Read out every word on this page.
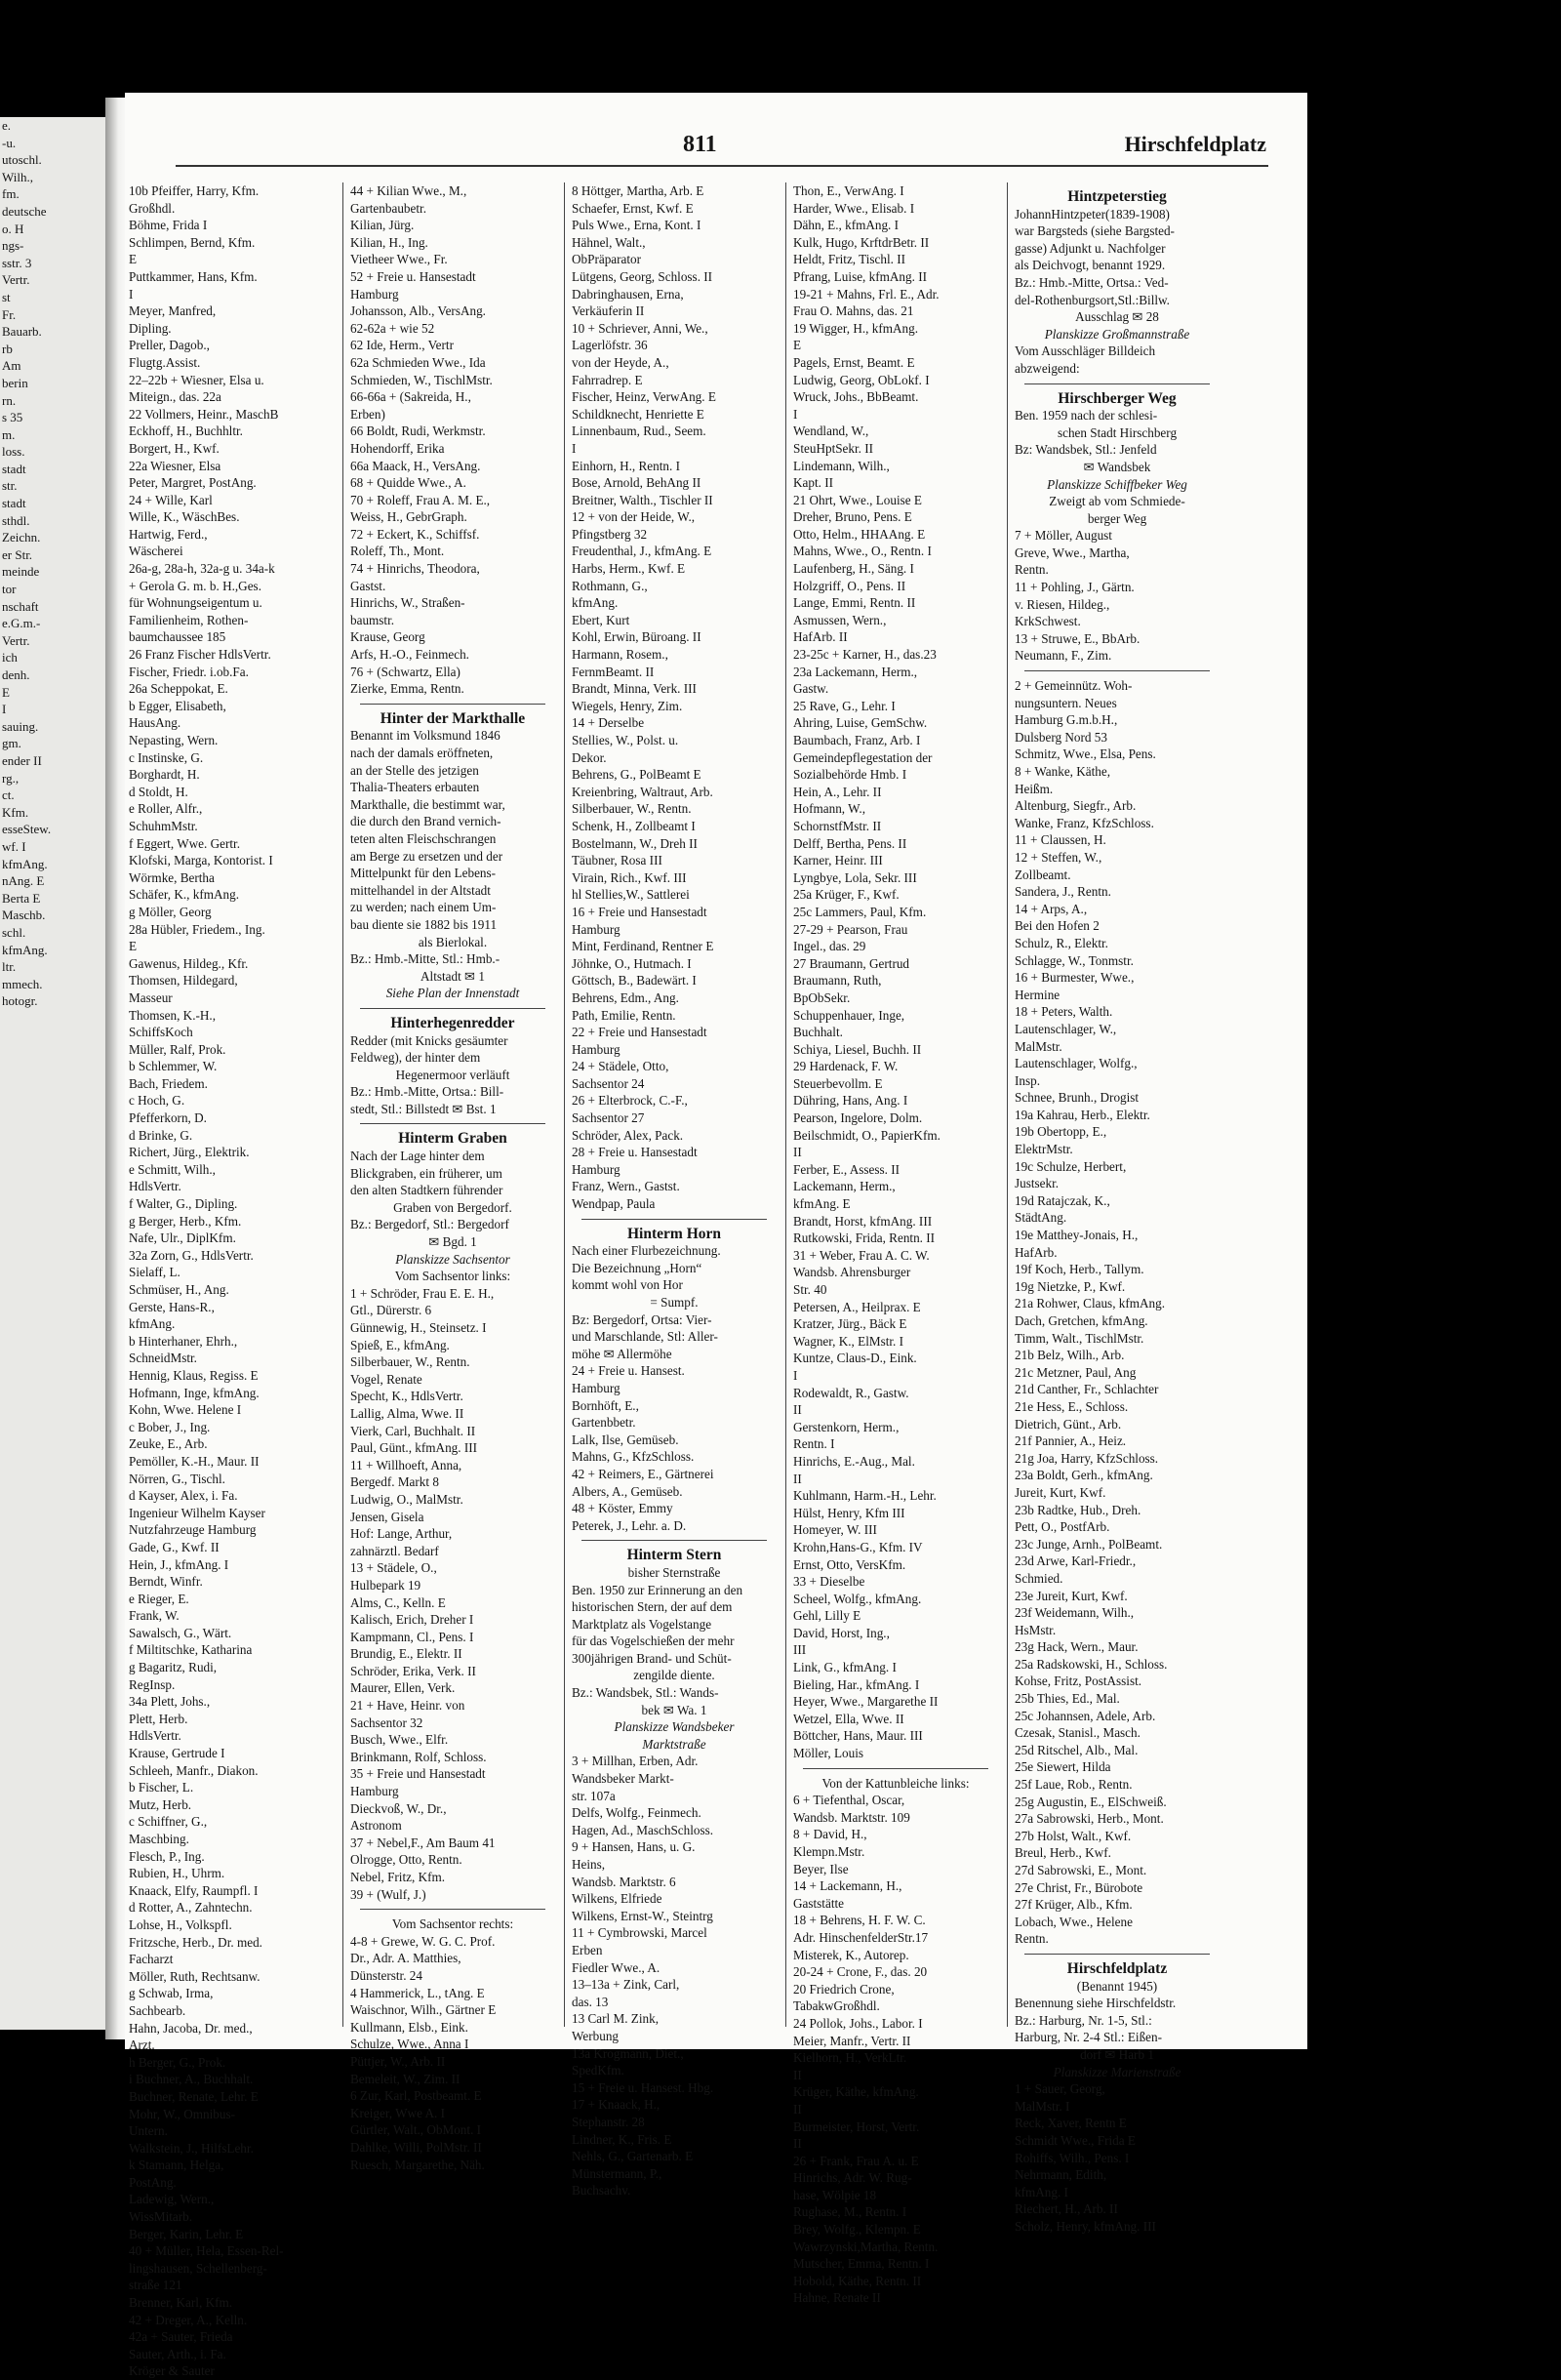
e.
-u.
utoschl.
Wilh.,
fm.
deutsche
o. H
ngs-
sstr. 3
Vertr.
st
Fr.
Bauarb.
rb
Am
berin
rn.
s 35
m.
loss.
stadt
str.
stadt
sthdl.
Zeichn.
er Str.
meinde
tor
nschaft
e.G.m.-
Vertr.
ich
denh.
E
I
sauing.
gm.
ender II
rg.,
ct.
Kfm.
esseStew.
wf. I
kfmAng.
nAng. E
Berta E
Maschb.
schl.
kfmAng.
ltr.
mmech.
hotogr.
811	Hirschfeldplatz
10b Pfeiffer, Harry, Kfm.
Großhdl.
Böhme, Frida I
Schlimpen, Bernd, Kfm.
E
Puttkammer, Hans, Kfm.
I
Meyer, Manfred,
Dipling.
Preller, Dagob.,
Flugtg.Assist.
22–22b + Wiesner, Elsa u.
Miteign., das. 22a
22 Vollmers, Heinr., MaschB
Eckhoff, H., Buchhltr.
Borgert, H., Kwf.
22a Wiesner, Elsa
Peter, Margret, PostAng.
24 + Wille, Karl
Wille, K., WäschBes.
Hartwig, Ferd.,
Wäscherei
26a-g, 28a-h, 32a-g u. 34a-k
+ Gerola G. m. b. H.,Ges.
für Wohnungseigentum u.
Familienheim, Rothen-
baumchaussee 185
26 Franz Fischer HdlsVertr.
Fischer, Friedr. i.ob.Fa.
26a Scheppokat, E.
b Egger, Elisabeth,
HausAng.
Nepasting, Wern.
c Instinske, G.
Borghardt, H.
d Stoldt, H.
e Roller, Alfr.,
SchuhmMstr.
f Eggert, Wwe. Gertr.
Klofski, Marga, Kontorist. I
Wörmke, Bertha
Schäfer, K., kfmAng.
g Möller, Georg
28a Hübler, Friedem., Ing.
E
Gawenus, Hildeg., Kfr.
Thomsen, Hildegard,
Masseur
Thomsen, K.-H.,
SchiffsKoch
Müller, Ralf, Prok.
b Schlemmer, W.
Bach, Friedem.
c Hoch, G.
Pfefferkorn, D.
d Brinke, G.
Richert, Jürg., Elektrik.
e Schmitt, Wilh.,
HdlsVertr.
f Walter, G., Dipling.
g Berger, Herb., Kfm.
Nafe, Ulr., DiplKfm.
32a Zorn, G., HdlsVertr.
Sielaff, L.
Schmüser, H., Ang.
Gerste, Hans-R.,
kfmAng.
b Hinterhaner, Ehrh.,
SchneidMstr.
Hennig, Klaus, Regiss. E
Hofmann, Inge, kfmAng.
Kohn, Wwe. Helene I
c Bober, J., Ing.
Zeuke, E., Arb.
Pemöller, K.-H., Maur. II
Nörren, G., Tischl.
d Kayser, Alex, i. Fa.
Ingenieur Wilhelm Kayser
Nutzfahrzeuge Hamburg
Gade, G., Kwf. II
Hein, J., kfmAng. I
Berndt, Winfr.
e Rieger, E.
Frank, W.
Sawalsch, G., Wärt.
f Miltitschke, Katharina
g Bagaritz, Rudi,
RegInsp.
34a Plett, Johs.,
Plett, Herb.
HdlsVertr.
Krause, Gertrude I
Schleeh, Manfr., Diakon.
b Fischer, L.
Mutz, Herb.
c Schiffner, G.,
Maschbing.
Flesch, P., Ing.
Rubien, H., Uhrm.
Knaack, Elfy, Raumpfl. I
d Rotter, A., Zahntechn.
Lohse, H., Volkspfl.
Fritzsche, Herb., Dr. med.
Facharzt
Möller, Ruth, Rechtsanw.
g Schwab, Irma,
Sachbearb.
Hahn, Jacoba, Dr. med.,
Arzt.
h Berger, G., Prok.
i Buchner, A., Buchhalt.
Buchner, Renate, Lehr. E
Mohr, W., Omnibus-
Untern.
Walkstein, J., HilfsLehr.
k Stamann, Helga,
PostAng.
Ladewig, Wern.,
WissMitarb.
Berger, Karin, Lehr. E
40 + Müller, Hela, Essen-Rel-
lingshausen, Schellenberg-
straße 121
Brenner, Karl, Kfm.
42 + Dreger, A., Kelln.
42a + Sauter, Frieda
Sauter, Arth., i. Fa.
Kröger & Sauter
44 + Kilian Wwe., M.,
Gartenbaubetr.
Kilian, Jürg.
Kilian, H., Ing.
Vietheer Wwe., Fr.
52 + Freie u. Hansestadt
Hamburg
Johansson, Alb., VersAng.
62-62a + wie 52
62 Ide, Herm., Vertr
62a Schmieden Wwe., Ida
Schmieden, W., TischlMstr.
66-66a + (Sakreida, H.,
Erben)
66 Boldt, Rudi, Werkmstr.
Hohendorff, Erika
66a Maack, H., VersAng.
68 + Quidde Wwe., A.
70 + Roleff, Frau A. M. E.,
Weiss, H., GebrGraph.
72 + Eckert, K., Schiffsf.
Roleff, Th., Mont.
74 + Hinrichs, Theodora,
Gastst.
Hinrichs, W., Straßen-
baumstr.
Krause, Georg
Arfs, H.-O., Feinmech.
76 + (Schwartz, Ella)
Zierke, Emma, Rentn.
Hinter der Markthalle
Benannt im Volksmund 1846
nach der damals eröffneten,
an der Stelle des jetzigen
Thalia-Theaters erbauten
Markthalle, die bestimmt war,
die durch den Brand vernich-
teten alten Fleischschrangen
am Berge zu ersetzen und der
Mittelpunkt für den Lebens-
mittelhandel in der Altstadt
zu werden; nach einem Um-
bau diente sie 1882 bis 1911
als Bierlokal.
Bz.: Hmb.-Mitte, Stl.: Hmb.-
Altstadt ✉ 1
Siehe Plan der Innenstadt
Hinterhegenredder
Redder (mit Knicks gesäumter
Feldweg), der hinter dem
Hegenermoor verläuft
Bz.: Hmb.-Mitte, Ortsa.: Bill-
stedt, Stl.: Billstedt ✉ Bst. 1
Hinterm Graben
Nach der Lage hinter dem
Blickgraben, ein früherer, um
den alten Stadtkern führender
Graben von Bergedorf.
Bz.: Bergedorf, Stl.: Bergedorf
✉ Bgd. 1
Planskizze Sachsentor
Vom Sachsentor links:
1 + Schröder, Frau E. E. H.,
Gtl., Dürerstr. 6
Günnewig, H., Steinsetz. I
Spieß, E., kfmAng.
Silberbauer, W., Rentn.
Vogel, Renate
Specht, K., HdlsVertr.
Lallig, Alma, Wwe. II
Vierk, Carl, Buchhalt. II
Paul, Günt., kfmAng. III
11 + Willhoeft, Anna,
Bergedf. Markt 8
Ludwig, O., MalMstr.
Jensen, Gisela
Hof: Lange, Arthur,
zahnärztl. Bedarf
13 + Städele, O.,
Hulbepark 19
Alms, C., Kelln. E
Kalisch, Erich, Dreher I
Kampmann, Cl., Pens. I
Brundig, E., Elektr. II
Schröder, Erika, Verk. II
Maurer, Ellen, Verk.
21 + Have, Heinr. von
Sachsentor 32
Busch, Wwe., Elfr.
Brinkmann, Rolf, Schloss.
35 + Freie und Hansestadt
Hamburg
Dieckvoß, W., Dr.,
Astronom
37 + Nebel,F., Am Baum 41
Olrogge, Otto, Rentn.
Nebel, Fritz, Kfm.
39 + (Wulf, J.)
Vom Sachsentor rechts:
4-8 + Grewe, W. G. C. Prof.
Dr., Adr. A. Matthies,
Dünsterstr. 24
4 Hammerick, L., tAng. E
Waischnor, Wilh., Gärtner E
Kullmann, Elsb., Eink.
Schulze, Wwe., Anna I
Püttjer, W., Arb. II
Bemeleit, W., Zim. II
6 Zur, Karl, Postbeamt. E
Kreiger, Wwe A. I
Gürtler, Walt., ObMont. I
Dahlke, Willi, PolMstr. II
Ruesch, Margarethe, Näh.
8 Höttger, Martha, Arb. E
Schaefer, Ernst, Kwf. E
Puls Wwe., Erna, Kont. I
Hähnel, Walt.,
ObPräparator
Lütgens, Georg, Schloss. II
Dabringhausen, Erna,
Verkäuferin II
10 + Schriever, Anni, We.,
Lagerlöfstr. 36
von der Heyde, A.,
Fahrradrep. E
Fischer, Heinz, VerwAng. E
Schildknecht, Henriette E
Linnenbaum, Rud., Seem.
I
Einhorn, H., Rentn. I
Bose, Arnold, BehAng II
Breitner, Walth., Tischler II
12 + von der Heide, W.,
Pfingstberg 32
Freudenthal, J., kfmAng. E
Harbs, Herm., Kwf. E
Rothmann, G.,
kfmAng.
Ebert, Kurt
Kohl, Erwin, Büroang. II
Harmann, Rosem.,
FernmBeamt. II
Brandt, Minna, Verk. III
Wiegels, Henry, Zim.
14 + Derselbe
Stellies, W., Polst. u.
Dekor.
Behrens, G., PolBeamt E
Kreienbring, Waltraut, Arb.
Silberbauer, W., Rentn.
Schenk, H., Zollbeamt I
Bostelmann, W., Dreh II
Täubner, Rosa III
Virain, Rich., Kwf. III
hl Stellies,W., Sattlerei
16 + Freie und Hansestadt
Hamburg
Mint, Ferdinand, Rentner E
Jöhnke, O., Hutmach. I
Göttsch, B., Badewärt. I
Behrens, Edm., Ang.
Path, Emilie, Rentn.
22 + Freie und Hansestadt
Hamburg
24 + Städele, Otto,
Sachsentor 24
26 + Elterbrock, C.-F.,
Sachsentor 27
Schröder, Alex, Pack.
28 + Freie u. Hansestadt
Hamburg
Franz, Wern., Gastst.
Wendpap, Paula
Hinterm Horn
Nach einer Flurbezeichnung.
Die Bezeichnung „Horn“
kommt wohl von Hor
= Sumpf.
Bz: Bergedorf, Ortsa: Vier-
und Marschlande, Stl: Aller-
möhe ✉ Allermöhe
24 + Freie u. Hansest.
Hamburg
Bornhöft, E.,
Gartenbbetr.
Lalk, Ilse, Gemüseb.
Mahns, G., KfzSchloss.
42 + Reimers, E., Gärtnerei
Albers, A., Gemüseb.
48 + Köster, Emmy
Peterek, J., Lehr. a. D.
Hinterm Stern
bisher Sternstraße
Ben. 1950 zur Erinnerung an den
historischen Stern, der auf dem
Marktplatz als Vogelstange
für das Vogelschießen der mehr
300jährigen Brand- und Schüt-
zengilde diente.
Bz.: Wandsbek, Stl.: Wands-
bek ✉ Wa. 1
Planskizze Wandsbeker
Marktstraße
3 + Millhan, Erben, Adr.
Wandsbeker Markt-
str. 107a
Delfs, Wolfg., Feinmech.
Hagen, Ad., MaschSchloss.
9 + Hansen, Hans, u. G.
Heins,
Wandsb. Marktstr. 6
Wilkens, Elfriede
Wilkens, Ernst-W., Steintrg
11 + Cymbrowski, Marcel
Erben
Fiedler Wwe., A.
13–13a + Zink, Carl,
das. 13
13 Carl M. Zink,
Werbung
13a Krogmann, Diet.,
SpedKfm.
15 + Freie u. Hansest. Hbg.
17 + Knaack, H.,
Stephanstr. 28
Lindner, K., Fris. E
Nehls, G., Gartenarb. E
Münstermann, P.,
Buchsachv.
Thon, E., VerwAng. I
Harder, Wwe., Elisab. I
Dähn, E., kfmAng. I
Kulk, Hugo, KrftdrBetr. II
Heldt, Fritz, Tischl. II
Pfrang, Luise, kfmAng. II
19-21 + Mahns, Frl. E., Adr.
Frau O. Mahns, das. 21
19 Wigger, H., kfmAng.
E
Pagels, Ernst, Beamt. E
Ludwig, Georg, ObLokf. I
Wruck, Johs., BbBeamt.
I
Wendland, W.,
SteuHptSekr. II
Lindemann, Wilh.,
Kapt. II
21 Ohrt, Wwe., Louise E
Dreher, Bruno, Pens. E
Otto, Helm., HHAAng. E
Mahns, Wwe., O., Rentn. I
Laufenberg, H., Säng. I
Holzgriff, O., Pens. II
Lange, Emmi, Rentn. II
Asmussen, Wern.,
HafArb. II
23-25c + Karner, H., das.23
23a Lackemann, Herm.,
Gastw.
25 Rave, G., Lehr. I
Ahring, Luise, GemSchw.
Baumbach, Franz, Arb. I
Gemeindepflegestation der
Sozialbehörde Hmb. I
Hein, A., Lehr. II
Hofmann, W.,
SchornstfMstr. II
Delff, Bertha, Pens. II
Karner, Heinr. III
Lyngbye, Lola, Sekr. III
25a Krüger, F., Kwf.
25c Lammers, Paul, Kfm.
27-29 + Pearson, Frau
Ingel., das. 29
27 Braumann, Gertrud
Braumann, Ruth,
BpObSekr.
Schuppenhauer, Inge,
Buchhalt.
Schiya, Liesel, Buchh. II
29 Hardenack, F. W.
Steuerbevollm. E
Dühring, Hans, Ang. I
Pearson, Ingelore, Dolm.
Beilschmidt, O., PapierKfm.
II
Ferber, E., Assess. II
Lackemann, Herm.,
kfmAng. E
Brandt, Horst, kfmAng. III
Rutkowski, Frida, Rentn. II
31 + Weber, Frau A. C. W.
Wandsb. Ahrensburger
Str. 40
Petersen, A., Heilprax. E
Kratzer, Jürg., Bäck E
Wagner, K., ElMstr. I
Kuntze, Claus-D., Eink.
I
Rodewaldt, R., Gastw.
II
Gerstenkorn, Herm.,
Rentn. I
Hinrichs, E.-Aug., Mal.
II
Kuhlmann, Harm.-H., Lehr.
Hülst, Henry, Kfm III
Homeyer, W. III
Krohn,Hans-G., Kfm. IV
Ernst, Otto, VersKfm.
33 + Dieselbe
Scheel, Wolfg., kfmAng.
Gehl, Lilly E
David, Horst, Ing.,
III
Link, G., kfmAng. I
Bieling, Har., kfmAng. I
Heyer, Wwe., Margarethe II
Wetzel, Ella, Wwe. II
Böttcher, Hans, Maur. III
Möller, Louis
Von der Kattunbleiche links:
6 + Tiefenthal, Oscar,
Wandsb. Marktstr. 109
8 + David, H.,
Klempn.Mstr.
Beyer, Ilse
14 + Lackemann, H.,
Gaststätte
18 + Behrens, H. F. W. C.
Adr. HinschenfelderStr.17
Misterek, K., Autorep.
20-24 + Crone, F., das. 20
20 Friedrich Crone,
TabakwGroßhdl.
24 Pollok, Johs., Labor. I
Meier, Manfr., Vertr. II
Kielhorn, H., VerkLtr.
II
Krüger, Käthe, kfmAng.
II
Burmeister, Horst, Vertr.
II
26 + Frank, Frau A. u. E
Hinrichs, Adr. W. Rug-
hase, Wölpie 18
Rughase, M., Rentn. I
Brey, Wolfg., Klempn. E
Wawrzynski,Martha, Rentn.
Mutscher, Emma, Rentn. I
Hobold, Käthe, Rentn. II
Hahne, Renate II
Hintzpeterstieg
JohannHintzpeter(1839-1908)
war Bargsteds (siehe Bargsted-
gasse) Adjunkt u. Nachfolger
als Deichvogt, benannt 1929.
Bz.: Hmb.-Mitte, Ortsa.: Ved-
del-Rothenburgsort,Stl.:Billw.
Ausschlag ✉ 28
Planskizze Großmannstraße
Vom Ausschläger Billdeich
abzweigend:
Hirschberger Weg
Ben. 1959 nach der schlesi-
schen Stadt Hirschberg
Bz: Wandsbek, Stl.: Jenfeld
✉ Wandsbek
Planskizze Schiffbeker Weg
Zweigt ab vom Schmiede-
berger Weg
7 + Möller, August
Greve, Wwe., Martha,
Rentn.
11 + Pohling, J., Gärtn.
v. Riesen, Hildeg.,
KrkSchwest.
13 + Struwe, E., BbArb.
Neumann, F., Zim.
2 + Gemeinnütz. Woh-
nungsuntern. Neues
Hamburg G.m.b.H.,
Dulsberg Nord 53
Schmitz, Wwe., Elsa, Pens.
8 + Wanke, Käthe,
Heißm.
Altenburg, Siegfr., Arb.
Wanke, Franz, KfzSchloss.
11 + Claussen, H.
12 + Steffen, W.,
Zollbeamt.
Sandera, J., Rentn.
14 + Arps, A.,
Bei den Hofen 2
Schulz, R., Elektr.
Schlagge, W., Tonmstr.
16 + Burmester, Wwe.,
Hermine
18 + Peters, Walth.
Lautenschlager, W.,
MalMstr.
Lautenschlager, Wolfg.,
Insp.
Schnee, Brunh., Drogist
19a Kahrau, Herb., Elektr.
19b Obertopp, E.,
ElektrMstr.
19c Schulze, Herbert,
Justsekr.
19d Ratajczak, K.,
StädtAng.
19e Matthey-Jonais, H.,
HafArb.
19f Koch, Herb., Tallym.
19g Nietzke, P., Kwf.
21a Rohwer, Claus, kfmAng.
Dach, Gretchen, kfmAng.
Timm, Walt., TischlMstr.
21b Belz, Wilh., Arb.
21c Metzner, Paul, Ang
21d Canther, Fr., Schlachter
21e Hess, E., Schloss.
Dietrich, Günt., Arb.
21f Pannier, A., Heiz.
21g Joa, Harry, KfzSchloss.
23a Boldt, Gerh., kfmAng.
Jureit, Kurt, Kwf.
23b Radtke, Hub., Dreh.
Pett, O., PostfArb.
23c Junge, Arnh., PolBeamt.
23d Arwe, Karl-Friedr.,
Schmied.
23e Jureit, Kurt, Kwf.
23f Weidemann, Wilh.,
HsMstr.
23g Hack, Wern., Maur.
25a Radskowski, H., Schloss.
Kohse, Fritz, PostAssist.
25b Thies, Ed., Mal.
25c Johannsen, Adele, Arb.
Czesak, Stanisl., Masch.
25d Ritschel, Alb., Mal.
25e Siewert, Hilda
25f Laue, Rob., Rentn.
25g Augustin, E., ElSchweiß.
27a Sabrowski, Herb., Mont.
27b Holst, Walt., Kwf.
Breul, Herb., Kwf.
27d Sabrowski, E., Mont.
27e Christ, Fr., Bürobote
27f Krüger, Alb., Kfm.
Lobach, Wwe., Helene
Rentn.
Hirschfeldplatz
(Benannt 1945)
Benennung siehe Hirschfeldstr.
Bz.: Harburg, Nr. 1-5, Stl.:
Harburg, Nr. 2-4 Stl.: Eißen-
dorf ✉ Harb 1
Planskizze Marienstraße
1 + Sauer, Georg,
MalMstr. I
Reck, Xaver, Rentn E
Schmidt Wwe., Frida E
Rohiffs, Wilh., Pens. I
Nehrmann, Edith,
kfmAng. I
Riechert, H., Arb. II
Scholz, Henry, kfmAng. III
